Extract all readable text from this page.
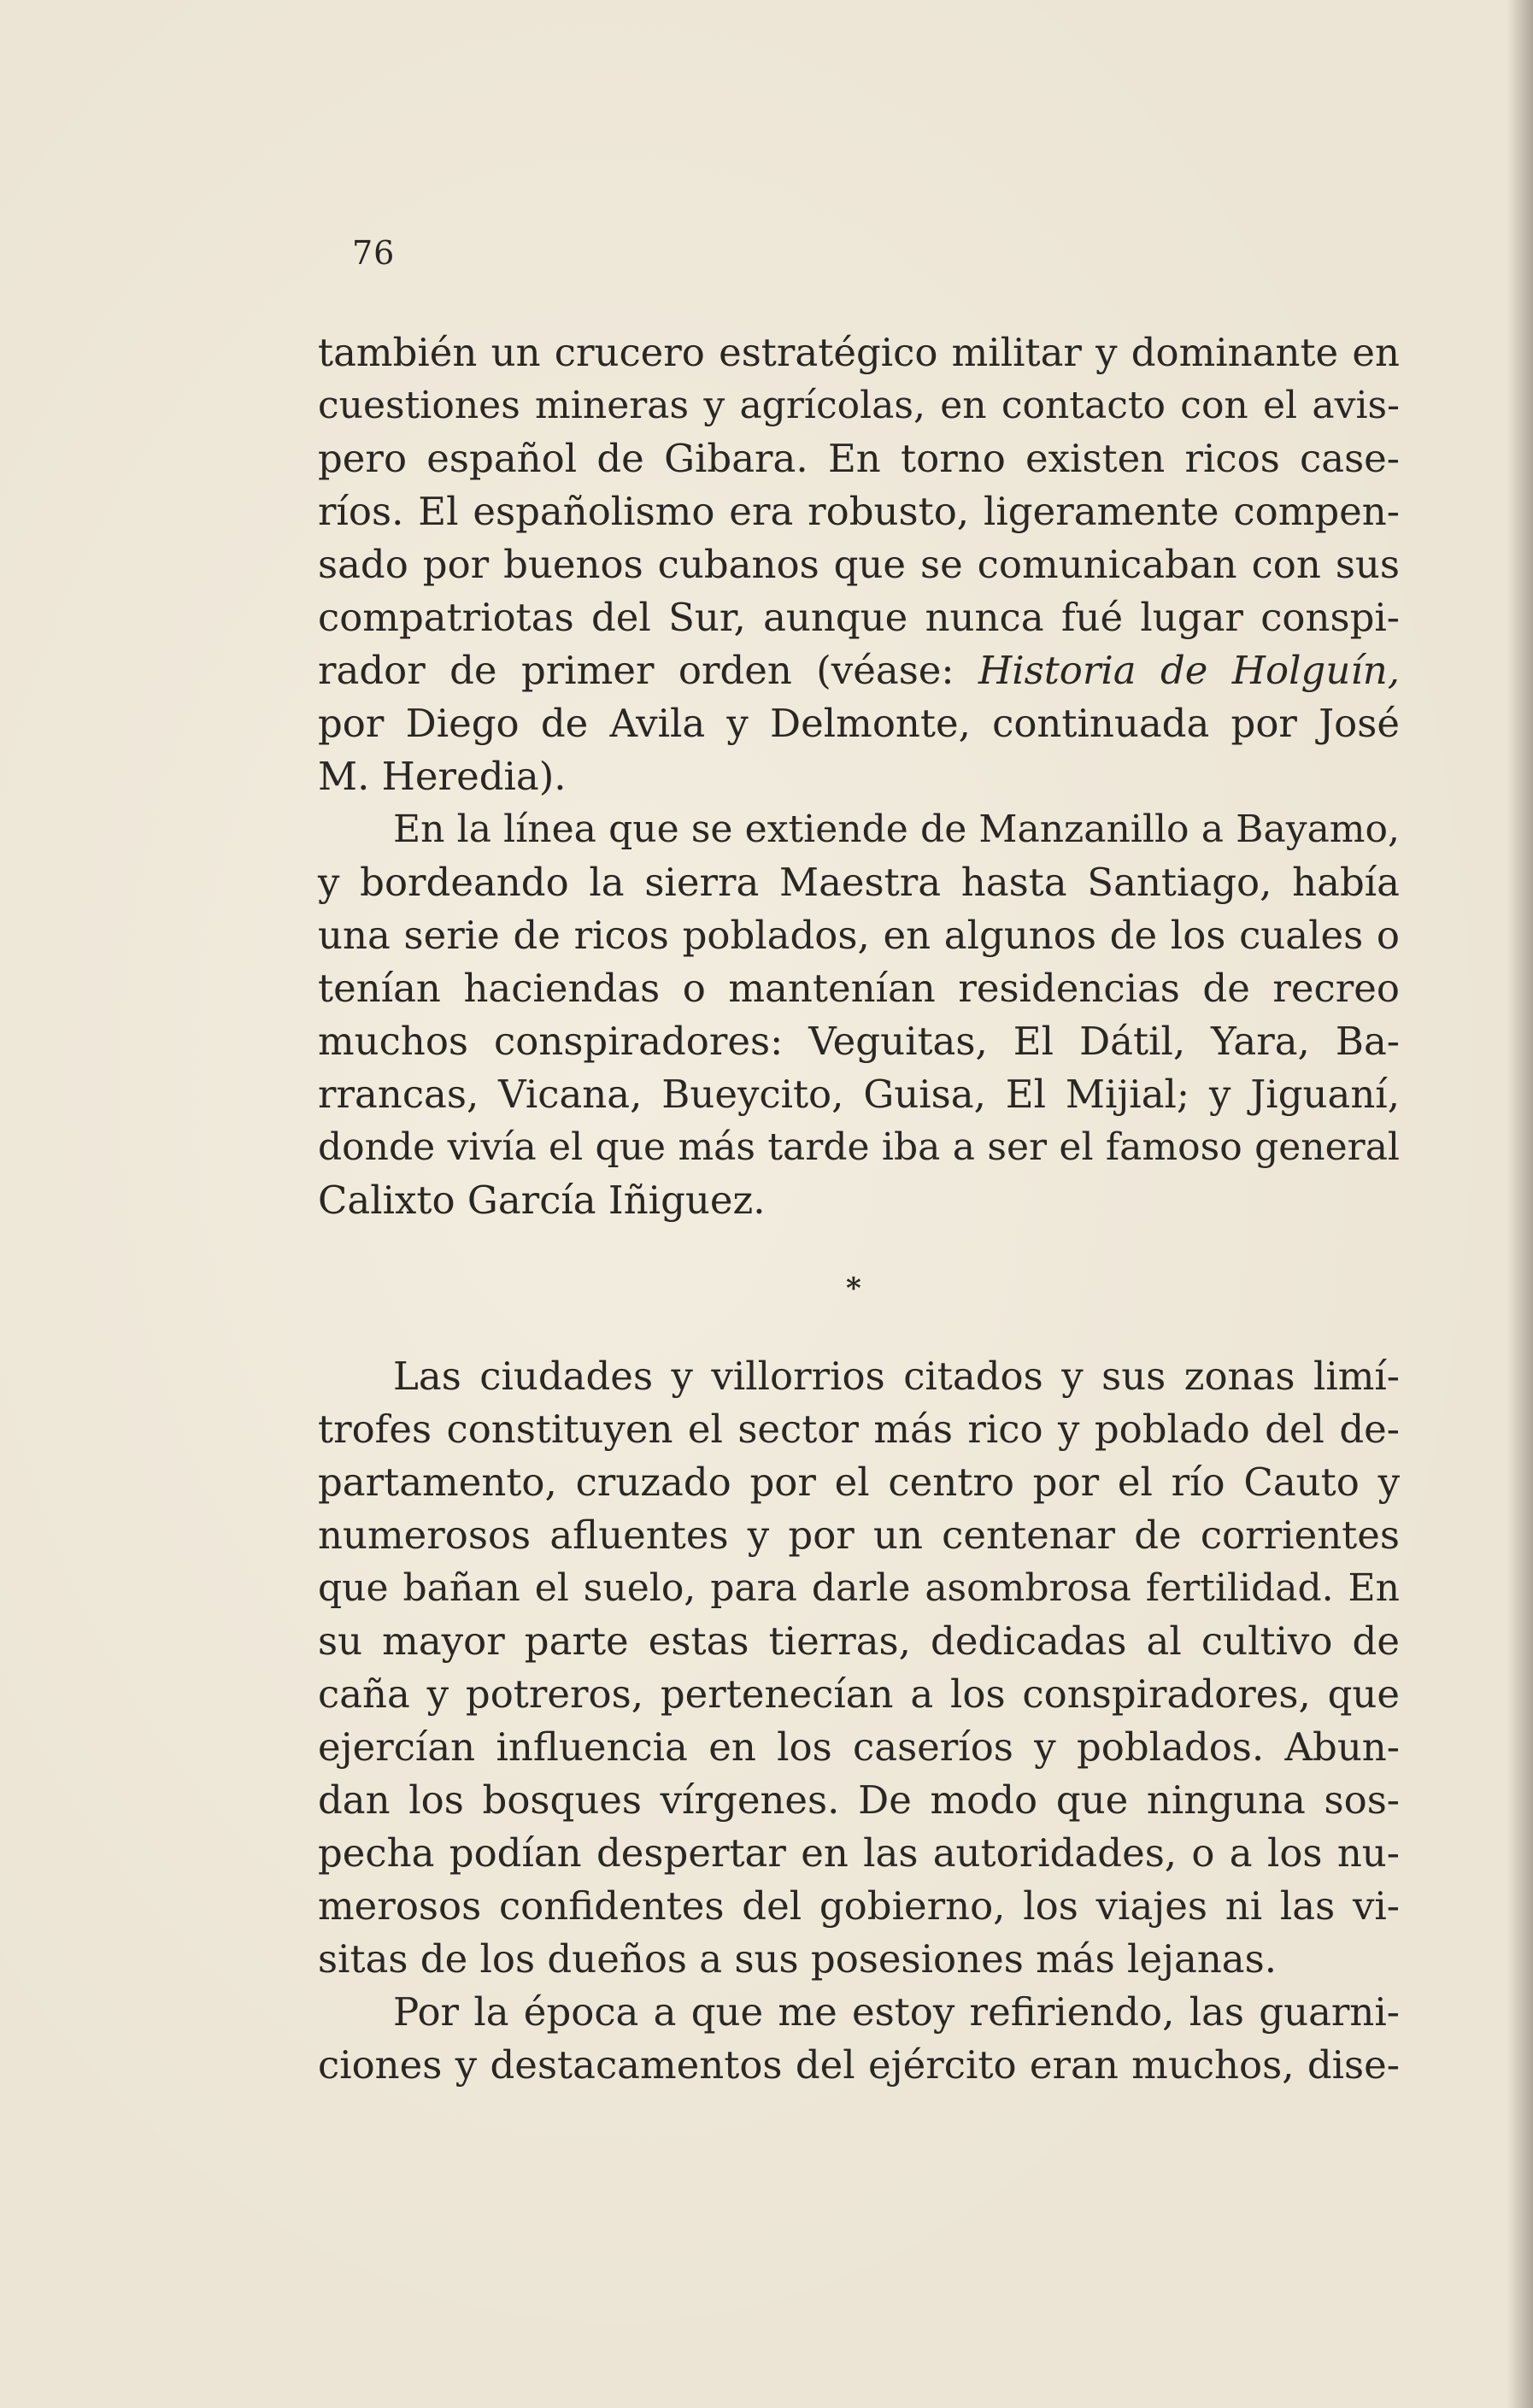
76
también un crucero estratégico militar y dominante en
cuestiones mineras y agrícolas, en contacto con el avis-
pero español de Gibara. En torno existen ricos case-
ríos. El españolismo era robusto, ligeramente compen-
sado por buenos cubanos que se comunicaban con sus
compatriotas del Sur, aunque nunca fué lugar conspi-
rador de primer orden (véase: Historia de Holguín,
por Diego de Avila y Delmonte, continuada por José
M. Heredia).
En la línea que se extiende de Manzanillo a Bayamo,
y bordeando la sierra Maestra hasta Santiago, había
una serie de ricos poblados, en algunos de los cuales o
tenían haciendas o mantenían residencias de recreo
muchos conspiradores: Veguitas, El Dátil, Yara, Ba-
rrancas, Vicana, Bueycito, Guisa, El Mijial; y Jiguaní,
donde vivía el que más tarde iba a ser el famoso general
Calixto García Iñiguez.
*
Las ciudades y villorrios citados y sus zonas limí-
trofes constituyen el sector más rico y poblado del de-
partamento, cruzado por el centro por el río Cauto y
numerosos afluentes y por un centenar de corrientes
que bañan el suelo, para darle asombrosa fertilidad. En
su mayor parte estas tierras, dedicadas al cultivo de
caña y potreros, pertenecían a los conspiradores, que
ejercían influencia en los caseríos y poblados. Abun-
dan los bosques vírgenes. De modo que ninguna sos-
pecha podían despertar en las autoridades, o a los nu-
merosos confidentes del gobierno, los viajes ni las vi-
sitas de los dueños a sus posesiones más lejanas.
Por la época a que me estoy refiriendo, las guarni-
ciones y destacamentos del ejército eran muchos, dise-
